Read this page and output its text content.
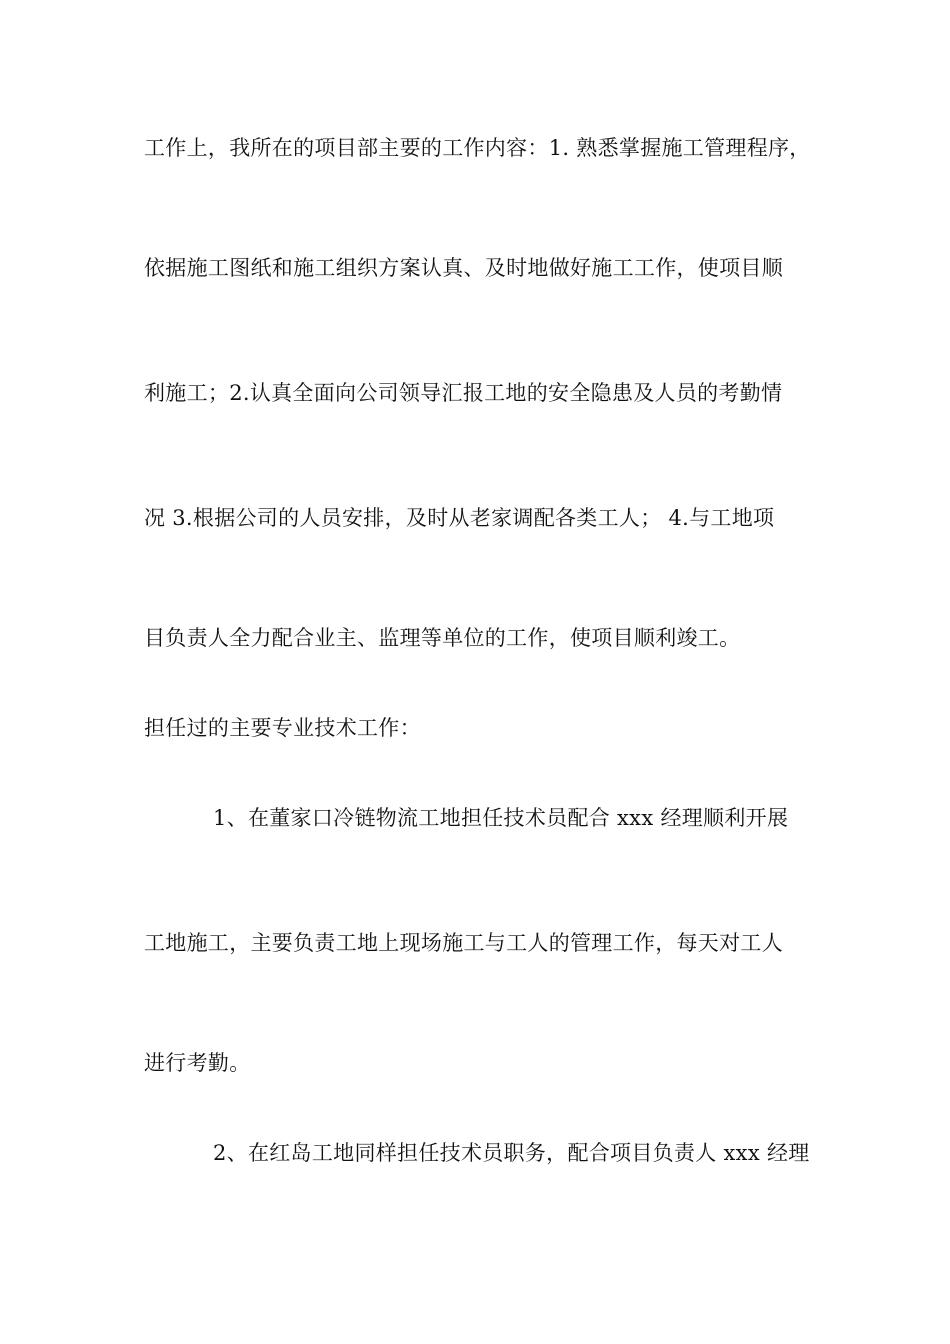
工作上，我所在的项目部主要的工作内容：1. 熟悉掌握施工管理程序，
依据施工图纸和施工组织方案认真、及时地做好施工工作，使项目顺
利施工；2.认真全面向公司领导汇报工地的安全隐患及人员的考勤情
况 3.根据公司的人员安排，及时从老家调配各类工人； 4.与工地项
目负责人全力配合业主、监理等单位的工作，使项目顺利竣工。
担任过的主要专业技术工作：
1、在董家口冷链物流工地担任技术员配合 xxx 经理顺利开展
工地施工，主要负责工地上现场施工与工人的管理工作，每天对工人
进行考勤。
2、在红岛工地同样担任技术员职务，配合项目负责人 xxx 经理
